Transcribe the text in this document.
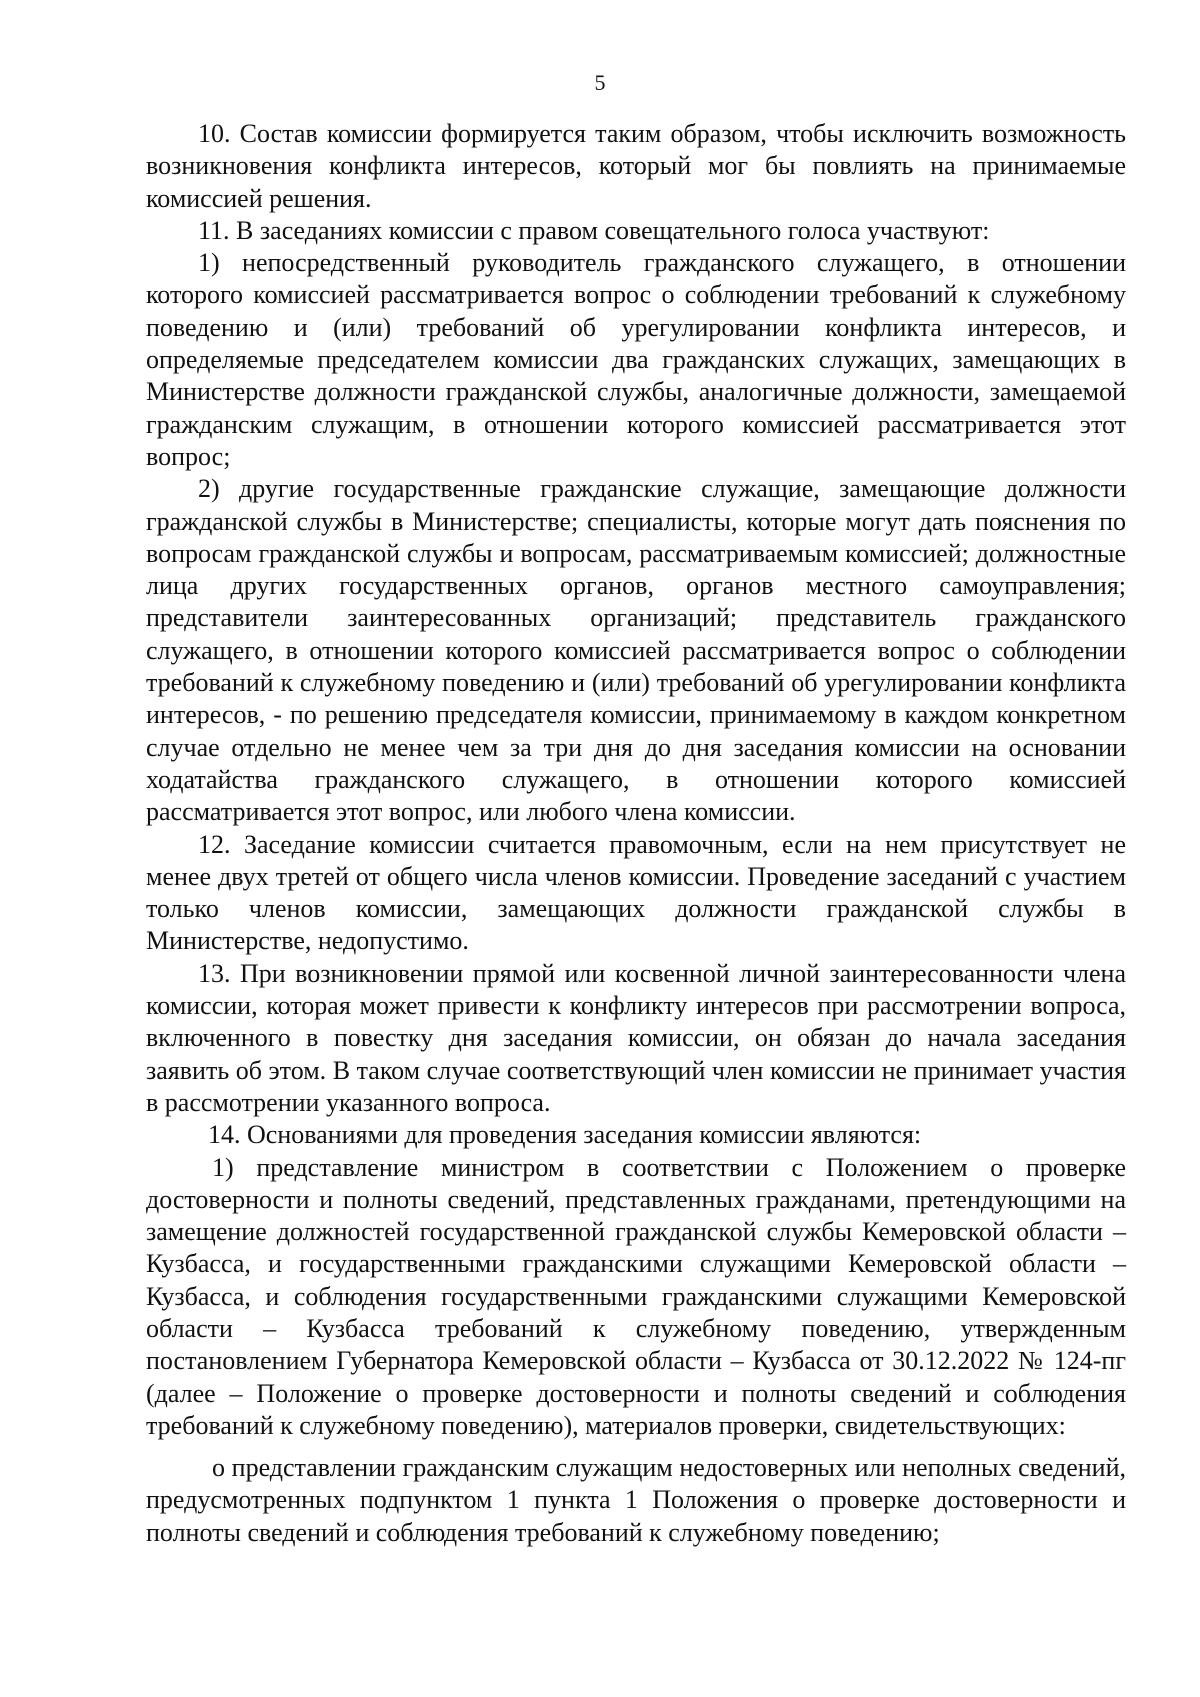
5

10. Состав комиссии формируется таким образом, чтобы исключить возможность возникновения конфликта интересов, который мог бы повлиять на принимаемые комиссией решения.

11. В заседаниях комиссии с правом совещательного голоса участвуют:

1) непосредственный руководитель гражданского служащего, в отношении которого комиссией рассматривается вопрос о соблюдении требований к служебному поведению и (или) требований об урегулировании конфликта интересов, и определяемые председателем комиссии два гражданских служащих, замещающих в Министерстве должности гражданской службы, аналогичные должности, замещаемой гражданским служащим, в отношении которого комиссией рассматривается этот вопрос;

2) другие государственные гражданские служащие, замещающие должности гражданской службы в Министерстве; специалисты, которые могут дать пояснения по вопросам гражданской службы и вопросам, рассматриваемым комиссией; должностные лица других государственных органов, органов местного самоуправления; представители заинтересованных организаций; представитель гражданского служащего, в отношении которого комиссией рассматривается вопрос о соблюдении требований к служебному поведению и (или) требований об урегулировании конфликта интересов, - по решению председателя комиссии, принимаемому в каждом конкретном случае отдельно не менее чем за три дня до дня заседания комиссии на основании ходатайства гражданского служащего, в отношении которого комиссией рассматривается этот вопрос, или любого члена комиссии.

12. Заседание комиссии считается правомочным, если на нем присутствует не менее двух третей от общего числа членов комиссии. Проведение заседаний с участием только членов комиссии, замещающих должности гражданской службы в Министерстве, недопустимо.

13. При возникновении прямой или косвенной личной заинтересованности члена комиссии, которая может привести к конфликту интересов при рассмотрении вопроса, включенного в повестку дня заседания комиссии, он обязан до начала заседания заявить об этом. В таком случае соответствующий член комиссии не принимает участия в рассмотрении указанного вопроса.

14. Основаниями для проведения заседания комиссии являются:

1) представление министром в соответствии с Положением о проверке достоверности и полноты сведений, представленных гражданами, претендующими на замещение должностей государственной гражданской службы Кемеровской области – Кузбасса, и государственными гражданскими служащими Кемеровской области – Кузбасса, и соблюдения государственными гражданскими служащими Кемеровской области – Кузбасса требований к служебному поведению, утвержденным постановлением Губернатора Кемеровской области – Кузбасса от 30.12.2022 № 124-пг (далее – Положение о проверке достоверности и полноты сведений и соблюдения требований к служебному поведению), материалов проверки, свидетельствующих:

о представлении гражданским служащим недостоверных или неполных сведений, предусмотренных подпунктом 1 пункта 1 Положения о проверке достоверности и полноты сведений и соблюдения требований к служебному поведению;
